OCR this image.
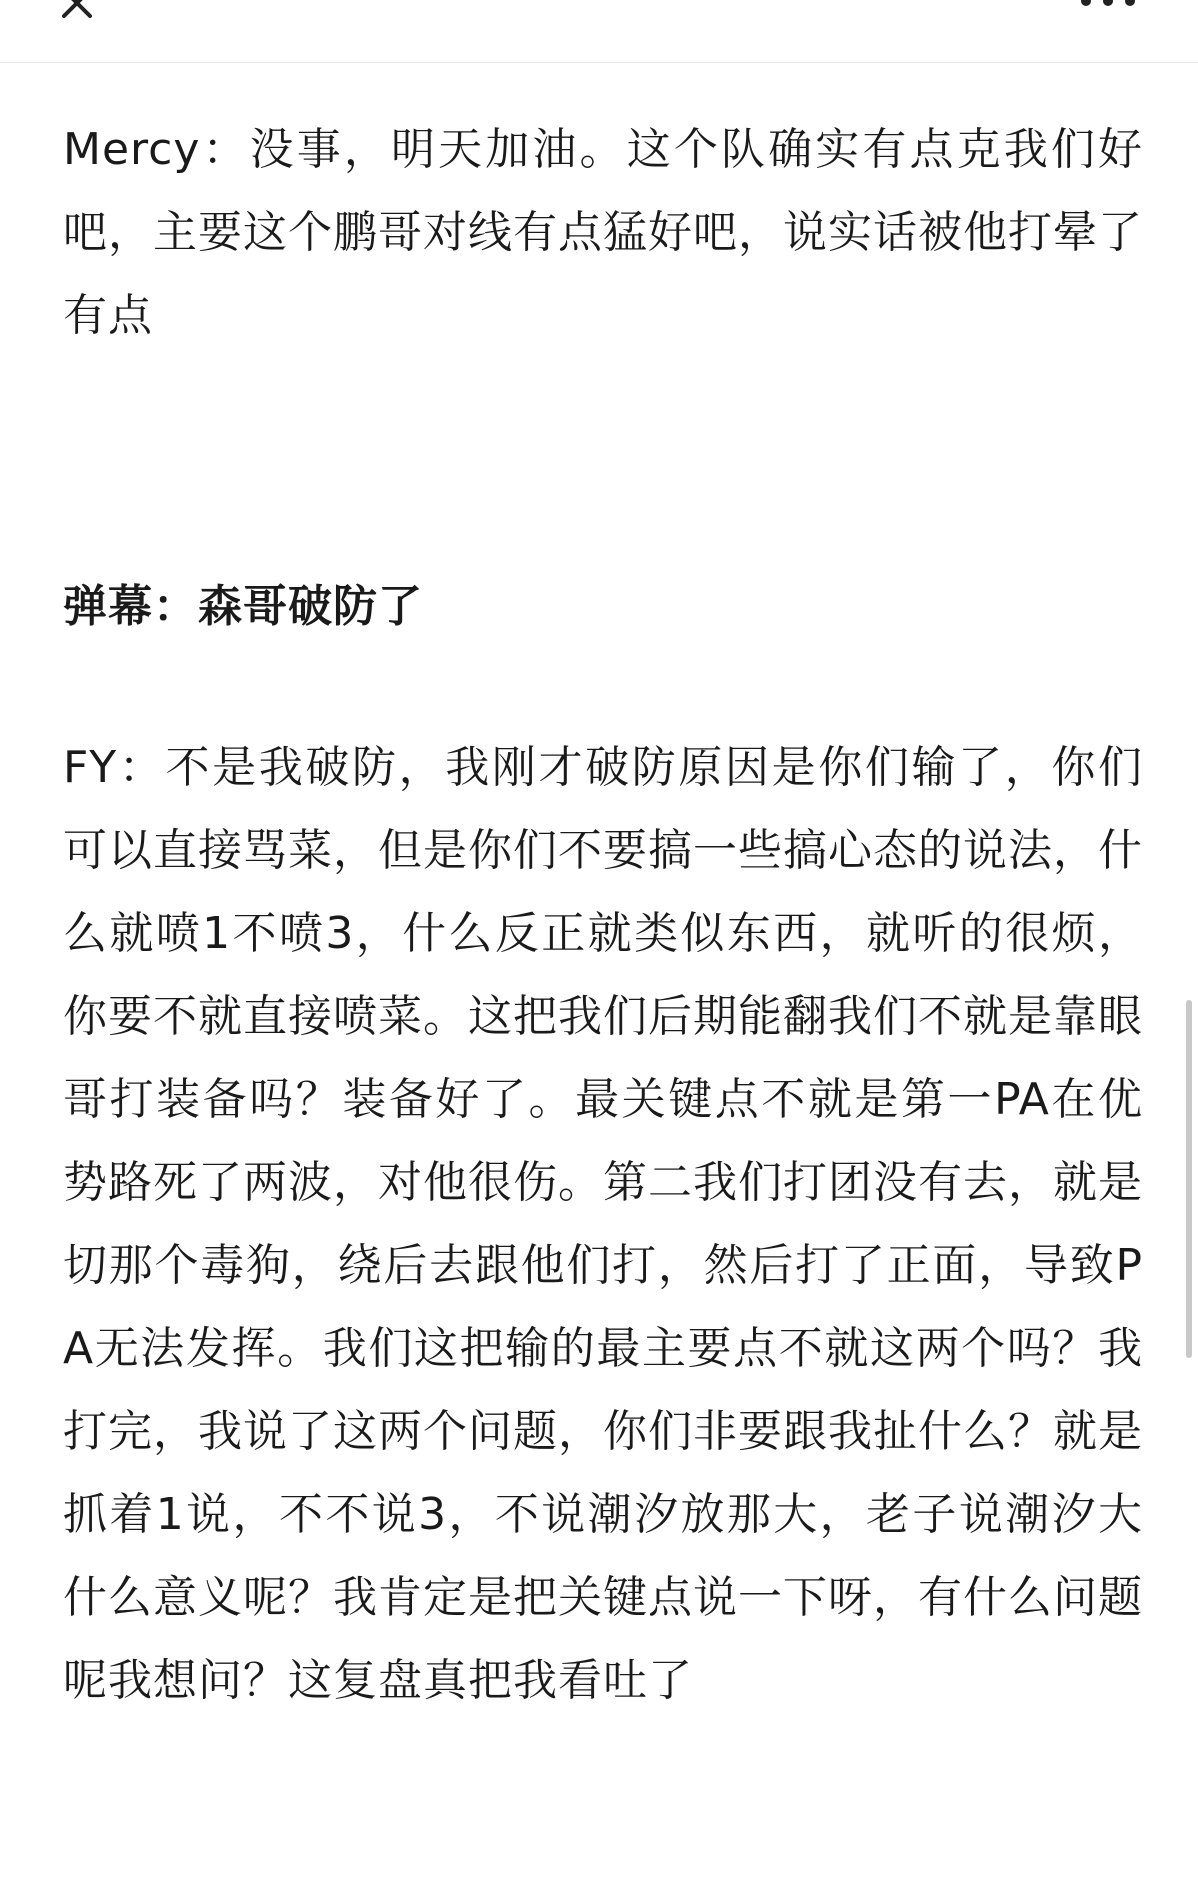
Mercy：没事，明天加油。这个队确实有点克我们好吧，主要这个鹏哥对线有点猛好吧，说实话被他打晕了有点

弹幕：森哥破防了

FY：不是我破防，我刚才破防原因是你们输了，你们可以直接骂菜，但是你们不要搞一些搞心态的说法，什么就喷1不喷3，什么反正就类似东西，就听的很烦，你要不就直接喷菜。这把我们后期能翻我们不就是靠眼哥打装备吗？装备好了。最关键点不就是第一PA在优势路死了两波，对他很伤。第二我们打团没有去，就是切那个毒狗，绕后去跟他们打，然后打了正面，导致PA无法发挥。我们这把输的最主要点不就这两个吗？我打完，我说了这两个问题，你们非要跟我扯什么？就是抓着1说，不不说3，不说潮汐放那大，老子说潮汐大什么意义呢？我肯定是把关键点说一下呀，有什么问题呢我想问？这复盘真把我看吐了
